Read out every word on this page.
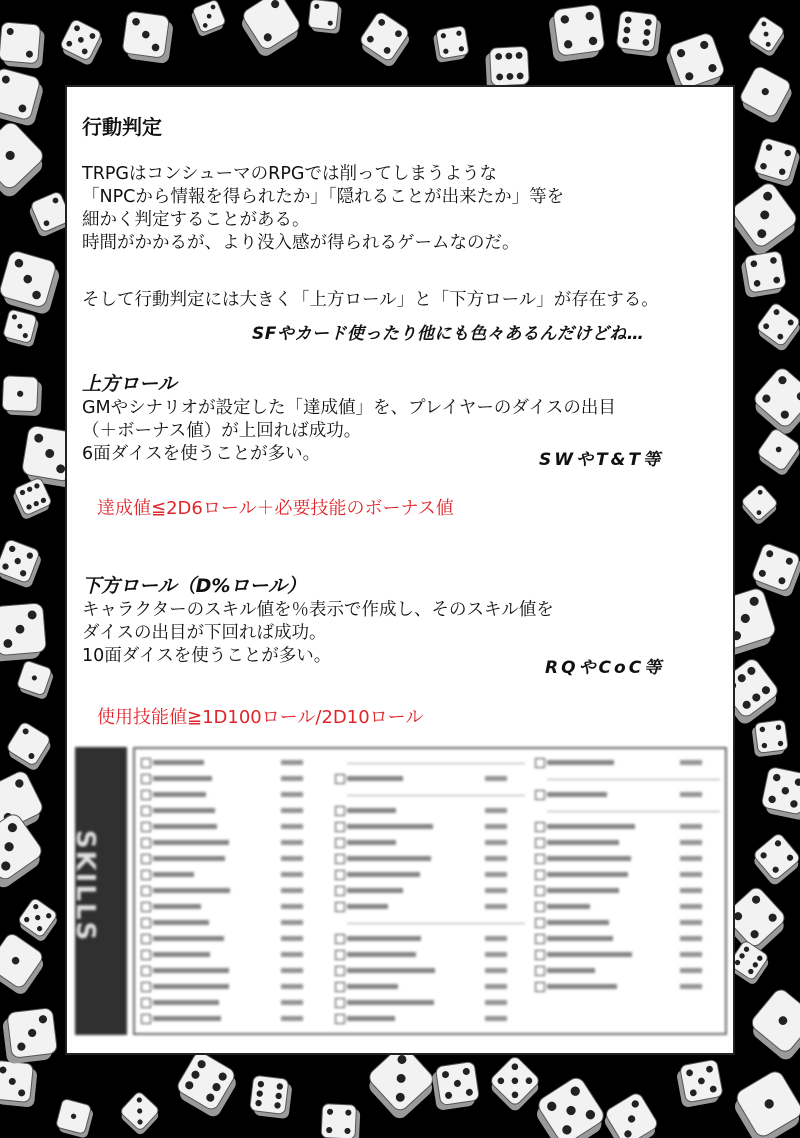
行動判定
TRPGはコンシューマのRPGでは削ってしまうような
「NPCから情報を得られたか」「隠れることが出来たか」等を
細かく判定することがある。
時間がかかるが、より没入感が得られるゲームなのだ。
そして行動判定には大きく「上方ロール」と「下方ロール」が存在する。
SFやカード使ったり他にも色々あるんだけどね…
上方ロール
GMやシナリオが設定した「達成値」を、プレイヤーのダイスの出目
（＋ボーナス値）が上回れば成功。
6面ダイスを使うことが多い。	SWやT&T等
達成値≦2D6ロール＋必要技能のボーナス値
下方ロール（D%ロール）
キャラクターのスキル値を％表示で作成し、そのスキル値を
ダイスの出目が下回れば成功。
10面ダイスを使うことが多い。
RQやCoC等
使用技能値≧1D100ロール/2D10ロール
SKILLS
